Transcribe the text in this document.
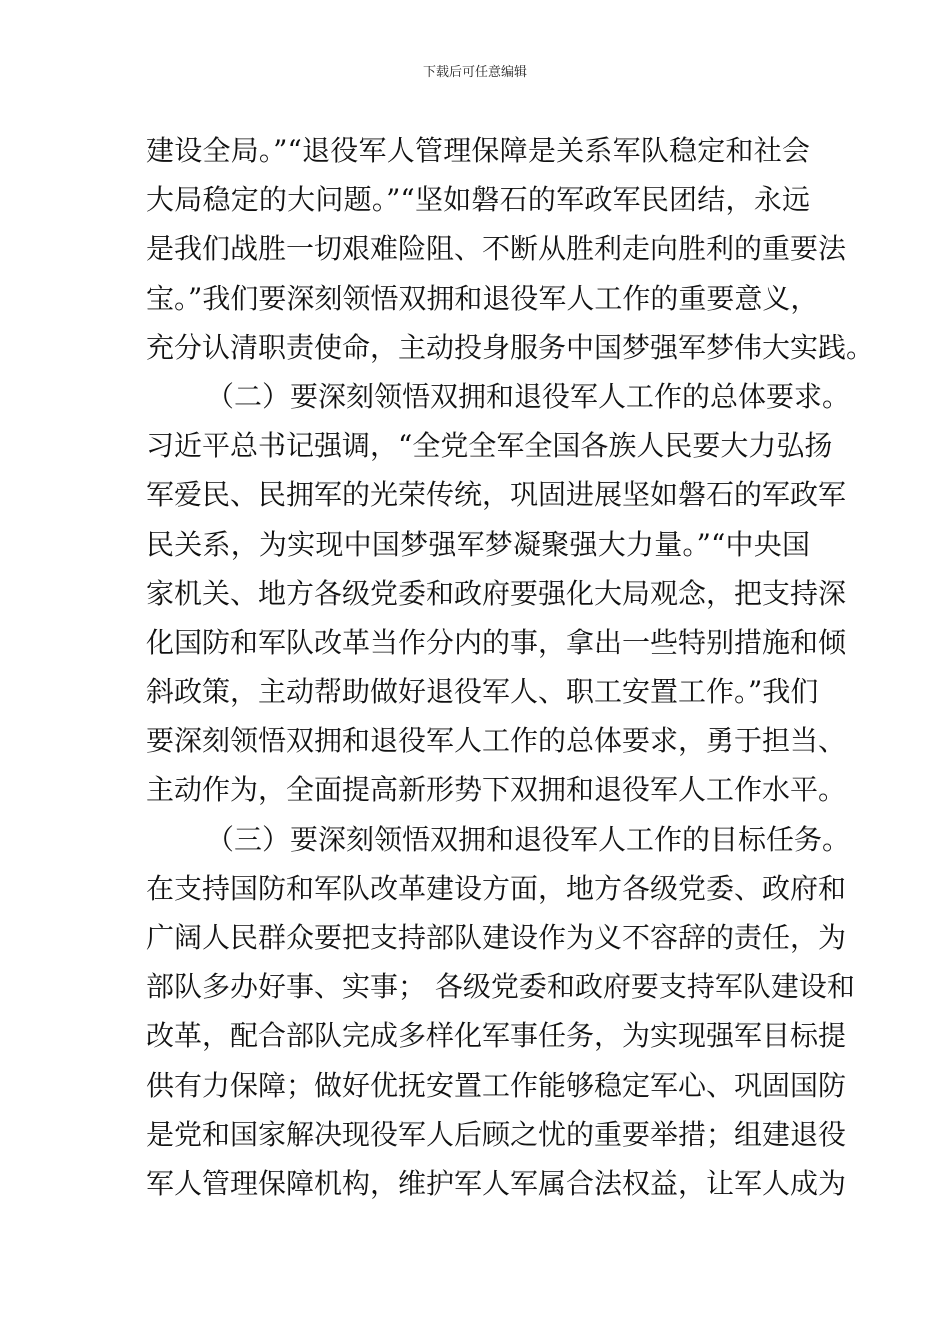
下载后可任意编辑
建设全局。”“退役军人管理保障是关系军队稳定和社会
大局稳定的大问题。”“坚如磐石的军政军民团结，永远
是我们战胜一切艰难险阻、不断从胜利走向胜利的重要法
宝。”我们要深刻领悟双拥和退役军人工作的重要意义，
充分认清职责使命，主动投身服务中国梦强军梦伟大实践。
（二）要深刻领悟双拥和退役军人工作的总体要求。
习近平总书记强调，“全党全军全国各族人民要大力弘扬
军爱民、民拥军的光荣传统，巩固进展坚如磐石的军政军
民关系，为实现中国梦强军梦凝聚强大力量。”“中央国
家机关、地方各级党委和政府要强化大局观念，把支持深
化国防和军队改革当作分内的事，拿出一些特别措施和倾
斜政策，主动帮助做好退役军人、职工安置工作。”我们
要深刻领悟双拥和退役军人工作的总体要求，勇于担当、
主动作为，全面提高新形势下双拥和退役军人工作水平。
（三）要深刻领悟双拥和退役军人工作的目标任务。
在支持国防和军队改革建设方面，地方各级党委、政府和
广阔人民群众要把支持部队建设作为义不容辞的责任，为
部队多办好事、实事； 各级党委和政府要支持军队建设和
改革，配合部队完成多样化军事任务，为实现强军目标提
供有力保障；做好优抚安置工作能够稳定军心、巩固国防
是党和国家解决现役军人后顾之忧的重要举措；组建退役
军人管理保障机构，维护军人军属合法权益，让军人成为
